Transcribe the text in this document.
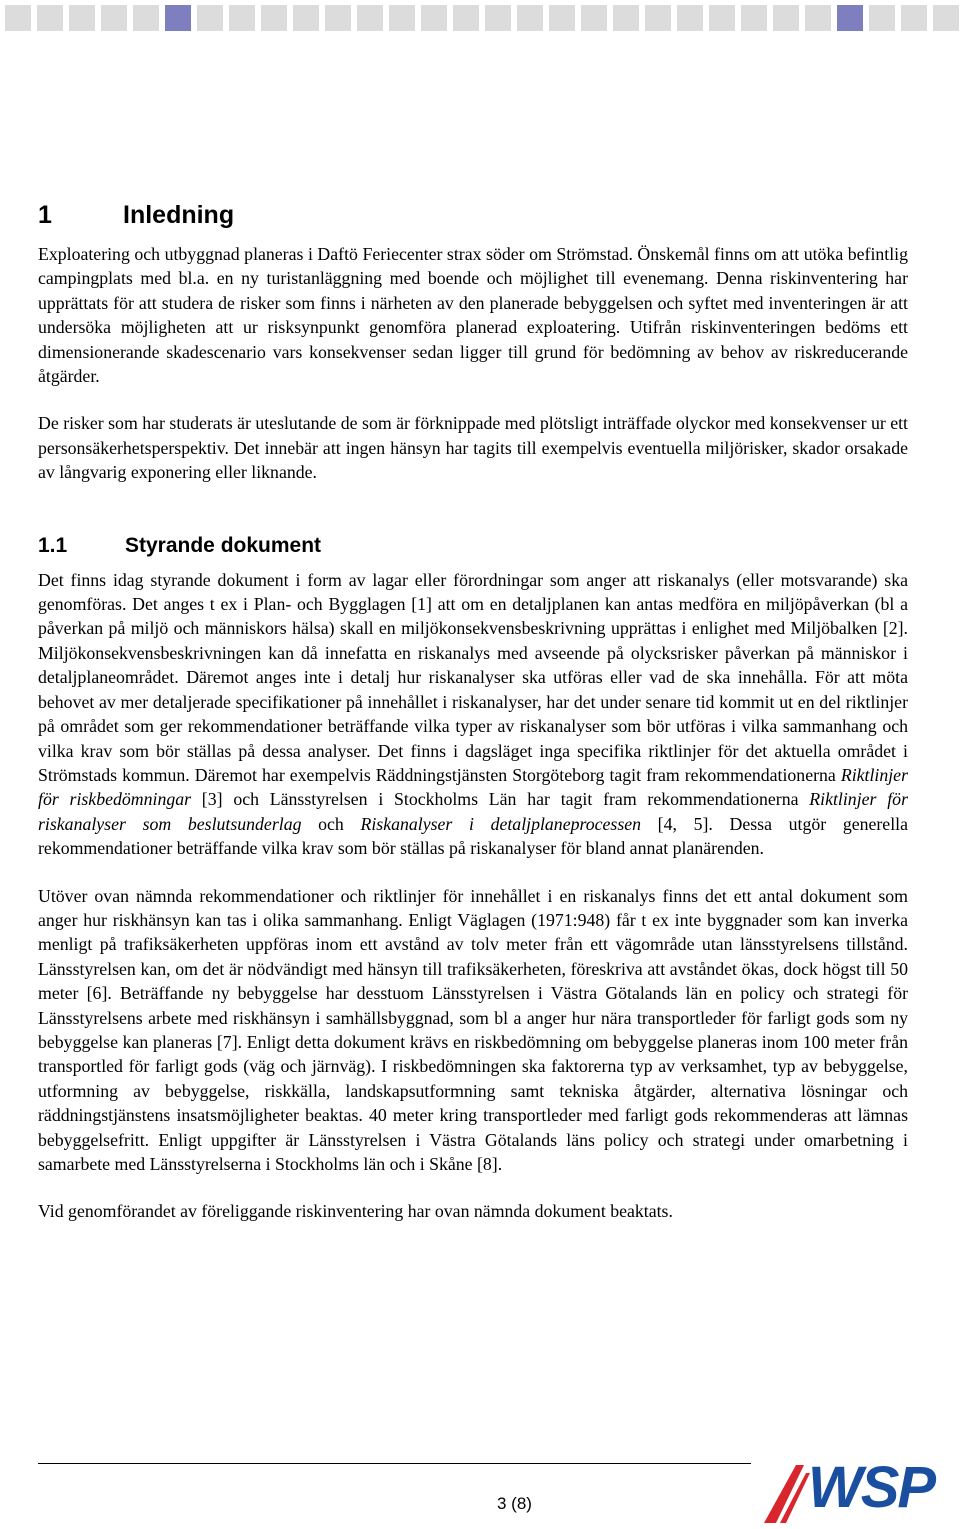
1	Inledning

Exploatering och utbyggnad planeras i Daftö Feriecenter strax söder om Strömstad. Önskemål finns om att utöka befintlig campingplats med bl.a. en ny turistanläggning med boende och möjlighet till evenemang. Denna riskinventering har upprättats för att studera de risker som finns i närheten av den planerade bebyggelsen och syftet med inventeringen är att undersöka möjligheten att ur risksynpunkt genomföra planerad exploatering. Utifrån riskinventeringen bedöms ett dimensionerande skadescenario vars konsekvenser sedan ligger till grund för bedömning av behov av riskreducerande åtgärder.

De risker som har studerats är uteslutande de som är förknippade med plötsligt inträffade olyckor med konsekvenser ur ett personsäkerhetsperspektiv. Det innebär att ingen hänsyn har tagits till exempelvis eventuella miljörisker, skador orsakade av långvarig exponering eller liknande.

1.1	Styrande dokument

Det finns idag styrande dokument i form av lagar eller förordningar som anger att riskanalys (eller motsvarande) ska genomföras. Det anges t ex i Plan- och Bygglagen [1] att om en detaljplanen kan antas medföra en miljöpåverkan (bl a påverkan på miljö och människors hälsa) skall en miljökonsekvensbeskrivning upprättas i enlighet med Miljöbalken [2]. Miljökonsekvensbeskrivningen kan då innefatta en riskanalys med avseende på olycksrisker påverkan på människor i detaljplaneområdet. Däremot anges inte i detalj hur riskanalyser ska utföras eller vad de ska innehålla. För att möta behovet av mer detaljerade specifikationer på innehållet i riskanalyser, har det under senare tid kommit ut en del riktlinjer på området som ger rekommendationer beträffande vilka typer av riskanalyser som bör utföras i vilka sammanhang och vilka krav som bör ställas på dessa analyser. Det finns i dagsläget inga specifika riktlinjer för det aktuella området i Strömstads kommun. Däremot har exempelvis Räddningstjänsten Storgöteborg tagit fram rekommendationerna Riktlinjer för riskbedömningar [3] och Länsstyrelsen i Stockholms Län har tagit fram rekommendationerna Riktlinjer för riskanalyser som beslutsunderlag och Riskanalyser i detaljplaneprocessen [4, 5]. Dessa utgör generella rekommendationer beträffande vilka krav som bör ställas på riskanalyser för bland annat planärenden.

Utöver ovan nämnda rekommendationer och riktlinjer för innehållet i en riskanalys finns det ett antal dokument som anger hur riskhänsyn kan tas i olika sammanhang. Enligt Väglagen (1971:948) får t ex inte byggnader som kan inverka menligt på trafiksäkerheten uppföras inom ett avstånd av tolv meter från ett vägområde utan länsstyrelsens tillstånd. Länsstyrelsen kan, om det är nödvändigt med hänsyn till trafiksäkerheten, föreskriva att avståndet ökas, dock högst till 50 meter [6]. Beträffande ny bebyggelse har desstuom Länsstyrelsen i Västra Götalands län en policy och strategi för Länsstyrelsens arbete med riskhänsyn i samhällsbyggnad, som bl a anger hur nära transportleder för farligt gods som ny bebyggelse kan planeras [7]. Enligt detta dokument krävs en riskbedömning om bebyggelse planeras inom 100 meter från transportled för farligt gods (väg och järnväg). I riskbedömningen ska faktorerna typ av verksamhet, typ av bebyggelse, utformning av bebyggelse, riskkälla, landskapsutformning samt tekniska åtgärder, alternativa lösningar och räddningstjänstens insatsmöjligheter beaktas. 40 meter kring transportleder med farligt gods rekommenderas att lämnas bebyggelsefritt. Enligt uppgifter är Länsstyrelsen i Västra Götalands läns policy och strategi under omarbetning i samarbete med Länsstyrelserna i Stockholms län och i Skåne [8].

Vid genomförandet av föreliggande riskinventering har ovan nämnda dokument beaktats.

3 (8)	WSP
